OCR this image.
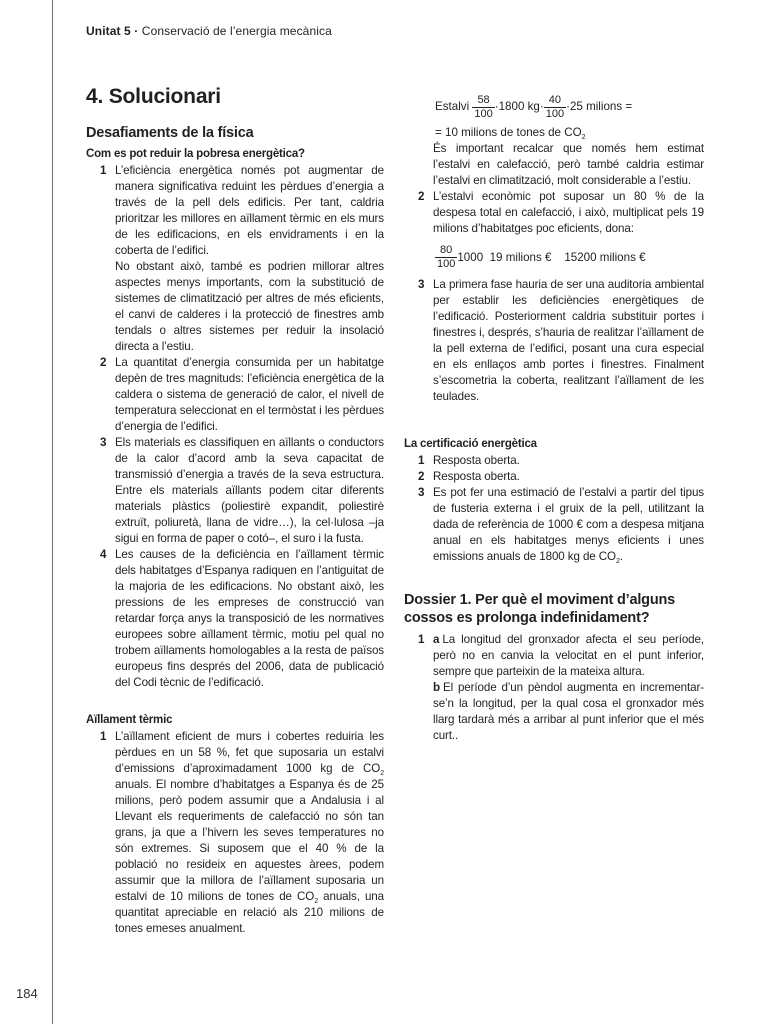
Unitat 5 · Conservació de l’energia mecànica
4. Solucionari
Desafiaments de la física
Com es pot reduir la pobresa energètica?
1 L’eficiència energètica només pot augmentar de manera significativa reduint les pèrdues d’energia a través de la pell dels edificis. Per tant, caldria prioritzar les millores en aïllament tèrmic en els murs de les edificacions, en els envidraments i en la coberta de l’edifici.

No obstant això, també es podrien millorar altres aspectes menys importants, com la substitució de sistemes de climatització per altres de més eficients, el canvi de calderes i la protecció de finestres amb tendals o altres sistemes per reduir la insolació directa a l’estiu.

2 La quantitat d’energia consumida per un habitatge depèn de tres magnituds: l’eficiència energètica de la caldera o sistema de generació de calor, el nivell de temperatura seleccionat en el termòstat i les pèrdues d’energia de l’edifici.

3 Els materials es classifiquen en aïllants o conductors de la calor d’acord amb la seva capacitat de transmissió d’energia a través de la seva estructura. Entre els materials aïllants podem citar diferents materials plàstics (poliestirè expandit, poliestirè extruït, poliuretà, llana de vidre…), la cel·lulosa –ja sigui en forma de paper o cotó–, el suro i la fusta.

4 Les causes de la deficiència en l’aïllament tèrmic dels habitatges d’Espanya radiquen en l’antiguitat de la majoria de les edificacions. No obstant això, les pressions de les empreses de construcció van retardar força anys la transposició de les normatives europees sobre aïllament tèrmic, motiu pel qual no trobem aïllaments homologables a la resta de països europeus fins després del 2006, data de publicació del Codi tècnic de l’edificació.

Aïllament tèrmic
1 L’aïllament eficient de murs i cobertes reduiria les pèrdues en un 58 %, fet que suposaria un estalvi d’emissions d’aproximadament 1000 kg de $CO_2$ anuals. El nombre d’habitatges a Espanya és de 25 milions, però podem assumir que a Andalusia i al Llevant els requeriments de calefacció no són tan grans, ja que a l’hivern les seves temperatures no són extremes. Si suposem que el 40 % de la població no resideix en aquestes àrees, podem assumir que la millora de l’aïllament suposaria un estalvi de 10 milions de tones de $CO_2$ anuals, una quantitat apreciable en relació als 210 milions de tones emeses anualment.

Estalvi
$\frac{58}{100} \cdot 1800$ $kg\cdot \frac{40}{100} \cdot 25$ milions =
= 10 milions de tones de $CO_2$
És important recalcar que només hem estimat l’estalvi en calefacció, però també caldria estimar l’estalvi en climatització, molt considerable a l’estiu.
2 L’estalvi econòmic pot suposar un 80 % de la despesa total en calefacció, i això, multiplicat pels 19 milions d’habitatges poc eficients, dona:

$\frac{80}{100} 1000$  19 milions €    15200 milions €
3 La primera fase hauria de ser una auditoria ambiental per establir les deficiències energètiques de l’edificació. Posteriorment caldria substituir portes i finestres i, després, s’hauria de realitzar l’aïllament de la pell externa de l’edifici, posant una cura especial en els enllaços amb portes i finestres. Finalment s’escometria la coberta, realitzant l’aïllament de les teulades.

La certificació energètica
1 Resposta oberta.

2 Resposta oberta.

3 Es pot fer una estimació de l’estalvi a partir del tipus de fusteria externa i el gruix de la pell, utilitzant la dada de referència de 1000 € com a despesa mitjana anual en els habitatges menys eficients i unes emissions anuals de 1800 kg de $CO_2$.

Dossier 1. Per què el moviment d’alguns cossos es prolonga indefinidament?
1 a La longitud del gronxador afecta el seu període, però no en canvia la velocitat en el punt inferior, sempre que parteixin de la mateixa altura.

b El període d’un pèndol augmenta en incrementar-se’n la longitud, per la qual cosa el gronxador més llarg tardarà més a arribar al punt inferior que el més curt..

184
